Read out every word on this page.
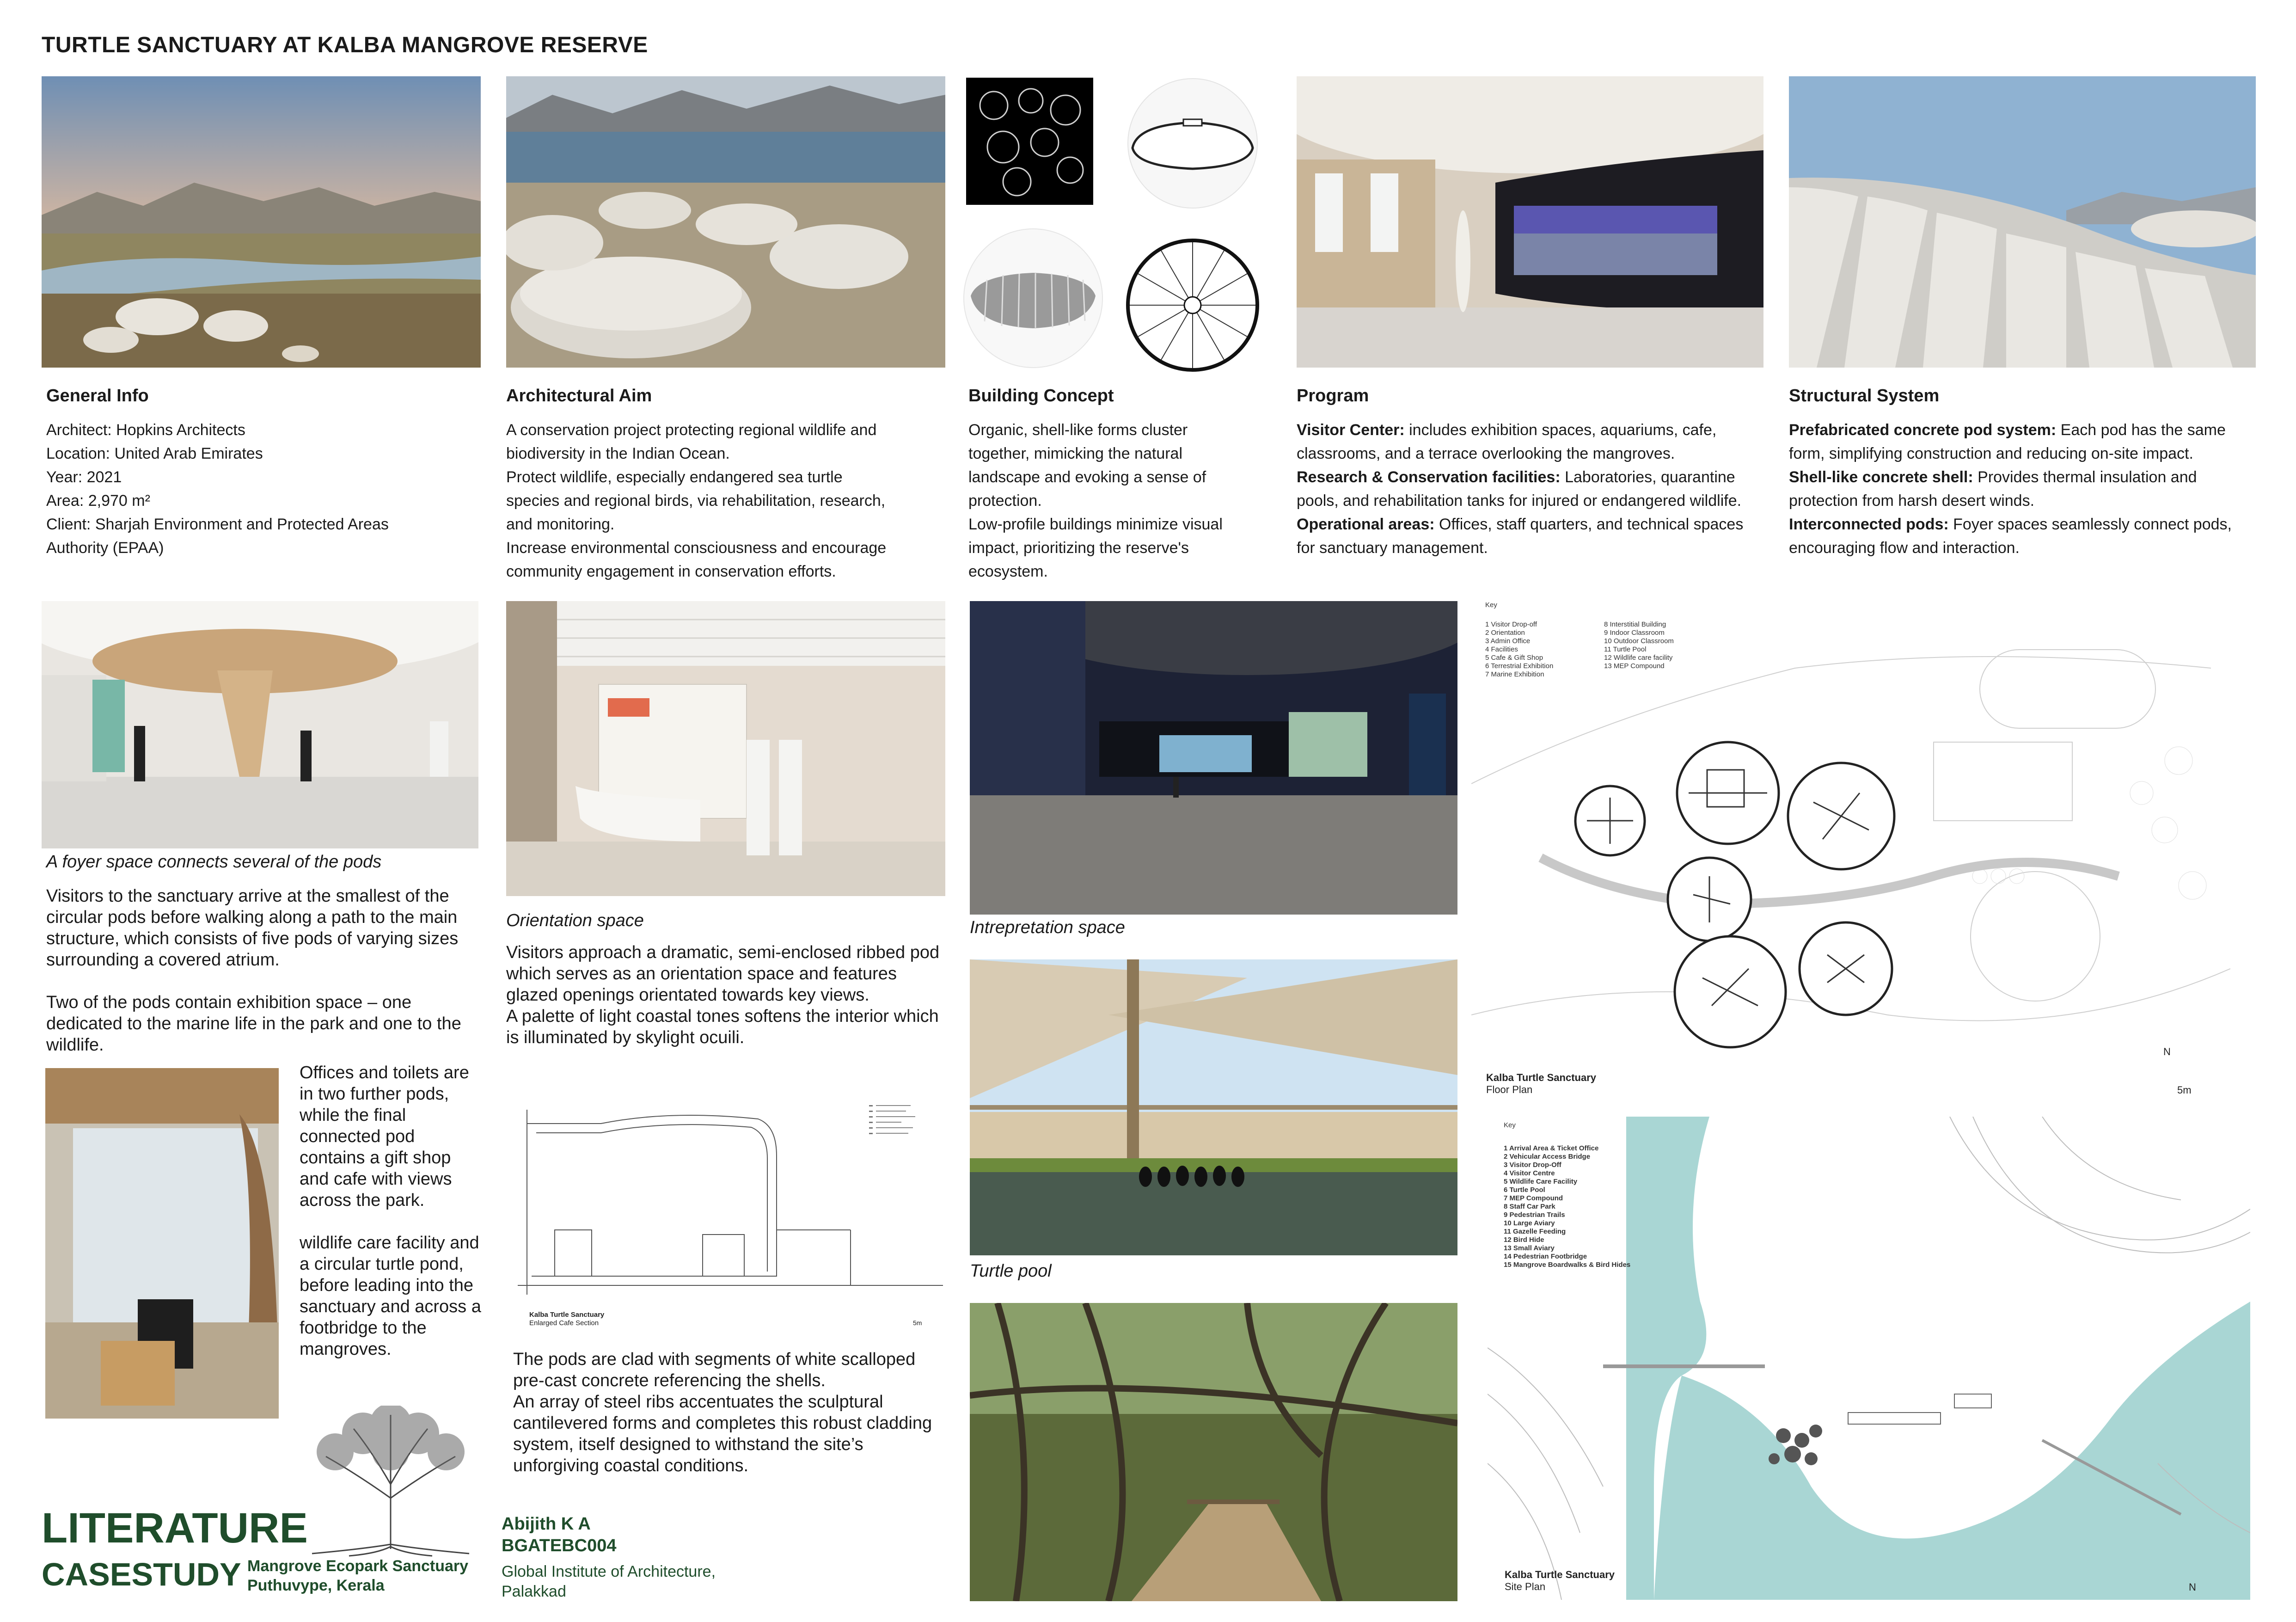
TURTLE SANCTUARY AT KALBA MANGROVE RESERVE
General Info

Architect: Hopkins Architects

Location: United Arab Emirates

Year: 2021

Area: 2,970 m²

Client: Sharjah Environment and Protected Areas

Authority (EPAA)

Architectural Aim

A conservation project protecting regional wildlife and

biodiversity in the Indian Ocean.

Protect wildlife, especially endangered sea turtle

species and regional birds, via rehabilitation, research,

and monitoring.

Increase environmental consciousness and encourage

community engagement in conservation efforts.

Building Concept

Organic, shell-like forms cluster

together, mimicking the natural

landscape and evoking a sense of

protection.

Low-profile buildings minimize visual

impact, prioritizing the reserve's

ecosystem.

Program

Visitor Center: includes exhibition spaces, aquariums, cafe, classrooms, and a terrace overlooking the mangroves.

Research & Conservation facilities: Laboratories, quarantine pools, and rehabilitation tanks for injured or endangered wildlife.

Operational areas: Offices, staff quarters, and technical spaces for sanctuary management.

Structural System

Prefabricated concrete pod system: Each pod has the same form, simplifying construction and reducing on-site impact.

Shell-like concrete shell: Provides thermal insulation and protection from harsh desert winds.

Interconnected pods: Foyer spaces seamlessly connect pods, encouraging flow and interaction.

A foyer space connects several of the pods

Visitors to the sanctuary arrive at the smallest of the circular pods before walking along a path to the main structure, which consists of five pods of varying sizes surrounding a covered atrium.

Two of the pods contain exhibition space – one dedicated to the marine life in the park and one to the wildlife.

Offices and toilets are in two further pods, while the final connected pod contains a gift shop and cafe with views across the park.

wildlife care facility and a circular turtle pond, before leading into the sanctuary and across a footbridge to the mangroves.

LITERATURE
CASESTUDY Mangrove Ecopark Sanctuary
Puthuvype, Kerala
Abijith K A
BGATEBC004
Global Institute of Architecture,
Palakkad
Orientation space
Visitors approach a dramatic, semi-enclosed ribbed pod which serves as an orientation space and features glazed openings orientated towards key views.
A palette of light coastal tones softens the interior which is illuminated by skylight ocuili.
Kalba Turtle Sanctuary
Enlarged Cafe Section	5m
The pods are clad with segments of white scalloped
pre-cast concrete referencing the shells.
An array of steel ribs accentuates the sculptural cantilevered forms and completes this robust cladding system, itself designed to withstand the site’s unforgiving coastal conditions.
Intrepretation space
Turtle pool
Key
1 Visitor Drop-off
2 Orientation
3 Admin Office
4 Facilities
5 Cafe & Gift Shop
6 Terrestrial Exhibition
7 Marine Exhibition
8 Interstitial Building
9 Indoor Classroom
10 Outdoor Classroom
11 Turtle Pool
12 Wildlife care facility
13 MEP Compound
Kalba Turtle Sanctuary
Floor Plan
N
5m
Key
1 Arrival Area & Ticket Office
2 Vehicular Access Bridge
3 Visitor Drop-Off
4 Visitor Centre
5 Wildlife Care Facility
6 Turtle Pool
7 MEP Compound
8 Staff Car Park
9 Pedestrian Trails
10 Large Aviary
11 Gazelle Feeding
12 Bird Hide
13 Small Aviary
14 Pedestrian Footbridge
15 Mangrove Boardwalks & Bird Hides
Kalba Turtle Sanctuary
Site Plan	N
